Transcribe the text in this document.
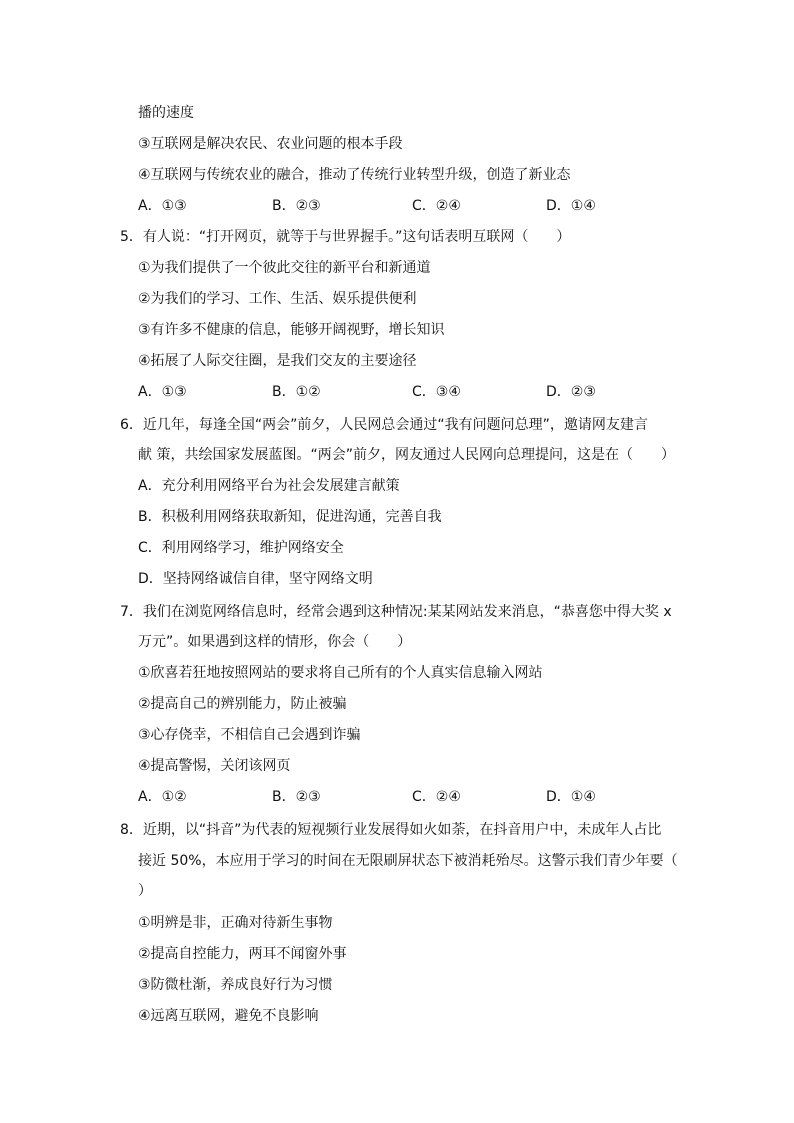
播的速度
③互联网是解决农民、农业问题的根本手段
④互联网与传统农业的融合，推动了传统行业转型升级，创造了新业态
A．①③	B．②③	C．②④	D．①④
5．有人说：“打开网页，就等于与世界握手。”这句话表明互联网（　　）
①为我们提供了一个彼此交往的新平台和新通道
②为我们的学习、工作、生活、娱乐提供便利
③有许多不健康的信息，能够开阔视野，增长知识
④拓展了人际交往圈，是我们交友的主要途径
A．①③	B．①②	C．③④	D．②③
6．近几年，每逢全国“两会”前夕，人民网总会通过“我有问题问总理”，邀请网友建言
献 策，共绘国家发展蓝图。“两会”前夕，网友通过人民网向总理提问，这是在（　　）
A．充分利用网络平台为社会发展建言献策
B．积极利用网络获取新知，促进沟通，完善自我
C．利用网络学习，维护网络安全
D．坚持网络诚信自律，坚守网络文明
7．我们在浏览网络信息时，经常会遇到这种情况:某某网站发来消息，“恭喜您中得大奖 x
万元”。如果遇到这样的情形，你会（　　）
①欣喜若狂地按照网站的要求将自己所有的个人真实信息输入网站
②提高自己的辨别能力，防止被骗
③心存侥幸，不相信自己会遇到诈骗
④提高警惕，关闭该网页
A．①②	B．②③	C．②④	D．①④
8．近期，以“抖音”为代表的短视频行业发展得如火如荼，在抖音用户中，未成年人占比
接近 50%，本应用于学习的时间在无限刷屏状态下被消耗殆尽。这警示我们青少年要（
）
①明辨是非，正确对待新生事物
②提高自控能力，两耳不闻窗外事
③防微杜渐，养成良好行为习惯
④远离互联网，避免不良影响
